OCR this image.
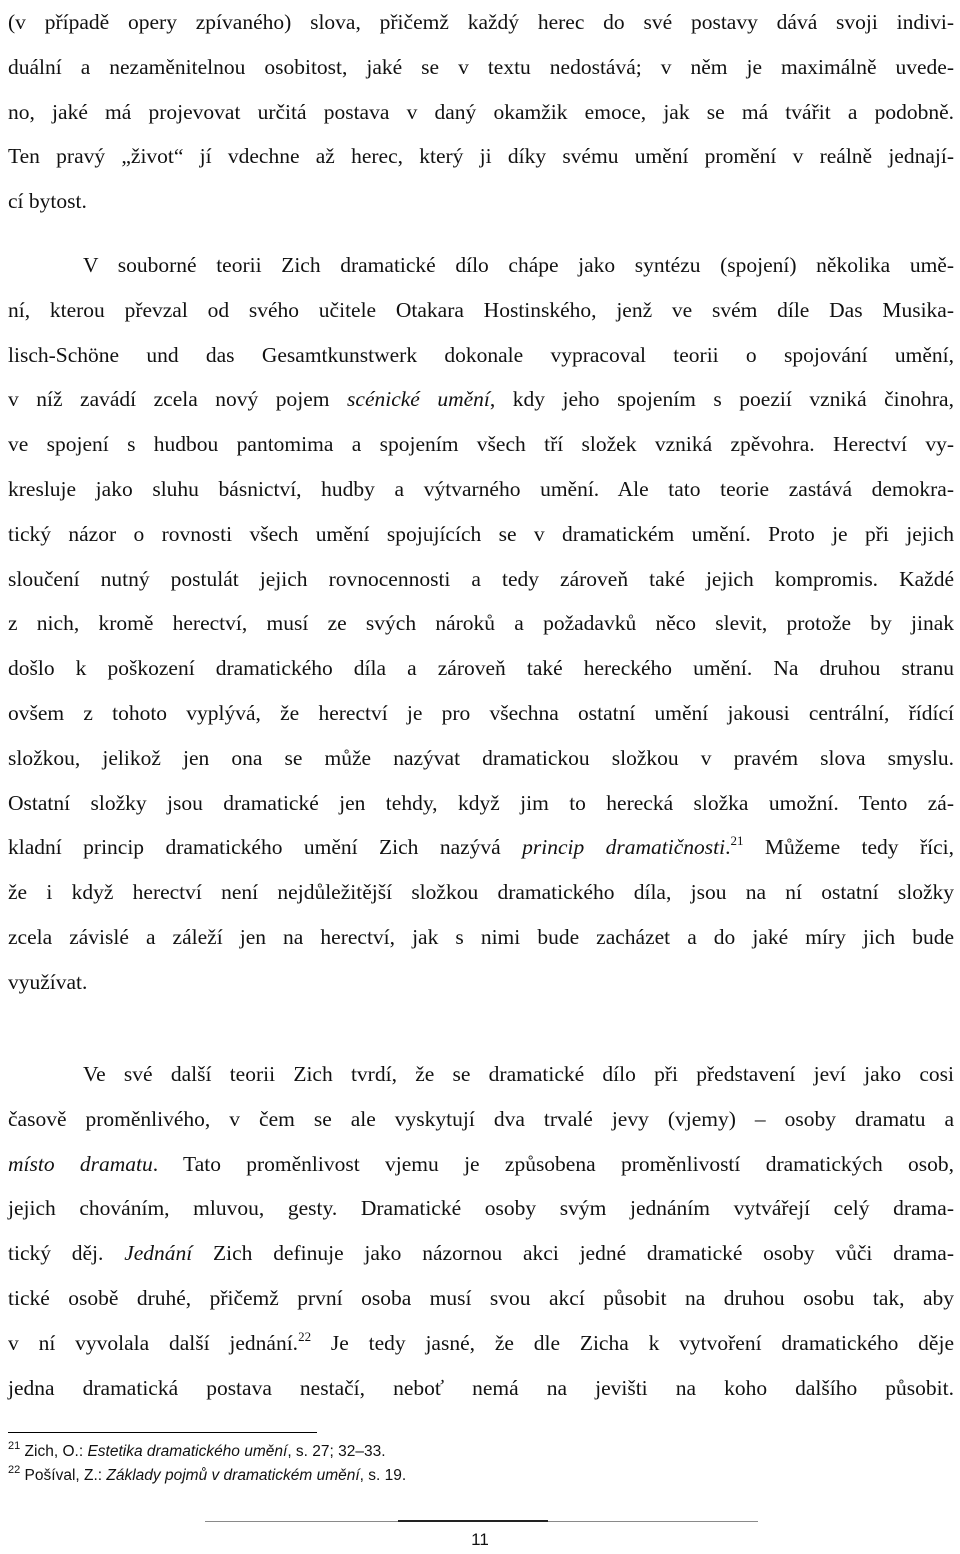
(v případě opery zpívaného) slova, přičemž každý herec do své postavy dává svoji indivi-
duální a nezaměnitelnou osobitost, jaké se v textu nedostává; v něm je maximálně uvede-
no, jaké má projevovat určitá postava v daný okamžik emoce, jak se má tvářit a podobně.
Ten pravý „život“ jí vdechne až herec, který ji díky svému umění promění v reálně jednají-
cí bytost.
V souborné teorii Zich dramatické dílo chápe jako syntézu (spojení) několika umě-
ní, kterou převzal od svého učitele Otakara Hostinského, jenž ve svém díle Das Musika-
lisch-Schöne und das Gesamtkunstwerk dokonale vypracoval teorii o spojování umění,
v níž zavádí zcela nový pojem scénické umění, kdy jeho spojením s poezií vzniká činohra,
ve spojení s hudbou pantomima a spojením všech tří složek vzniká zpěvohra. Herectví vy-
kresluje jako sluhu básnictví, hudby a výtvarného umění. Ale tato teorie zastává demokra-
tický názor o rovnosti všech umění spojujících se v dramatickém umění. Proto je při jejich
sloučení nutný postulát jejich rovnocennosti a tedy zároveň také jejich kompromis. Každé
z nich, kromě herectví, musí ze svých nároků a požadavků něco slevit, protože by jinak
došlo k poškození dramatického díla a zároveň také hereckého umění. Na druhou stranu
ovšem z tohoto vyplývá, že herectví je pro všechna ostatní umění jakousi centrální, řídící
složkou, jelikož jen ona se může nazývat dramatickou složkou v pravém slova smyslu.
Ostatní složky jsou dramatické jen tehdy, když jim to herecká složka umožní. Tento zá-
kladní princip dramatického umění Zich nazývá princip dramatičnosti.$^{21}$ Můžeme tedy říci,
že i když herectví není nejdůležitější složkou dramatického díla, jsou na ní ostatní složky
zcela závislé a záleží jen na herectví, jak s nimi bude zacházet a do jaké míry jich bude
využívat.
Ve své další teorii Zich tvrdí, že se dramatické dílo při představení jeví jako cosi
časově proměnlivého, v čem se ale vyskytují dva trvalé jevy (vjemy) – osoby dramatu a
místo dramatu. Tato proměnlivost vjemu je způsobena proměnlivostí dramatických osob,
jejich chováním, mluvou, gesty. Dramatické osoby svým jednáním vytvářejí celý drama-
tický děj. Jednání Zich definuje jako názornou akci jedné dramatické osoby vůči drama-
tické osobě druhé, přičemž první osoba musí svou akcí působit na druhou osobu tak, aby
v ní vyvolala další jednání.$^{22}$ Je tedy jasné, že dle Zicha k vytvoření dramatického děje
jedna dramatická postava nestačí, neboť nemá na jevišti na koho dalšího působit.
$^{21}$ Zich, O.: Estetika dramatického umění, s. 27; 32–33.
$^{22}$ Pošíval, Z.: Základy pojmů v dramatickém umění, s. 19.
11
